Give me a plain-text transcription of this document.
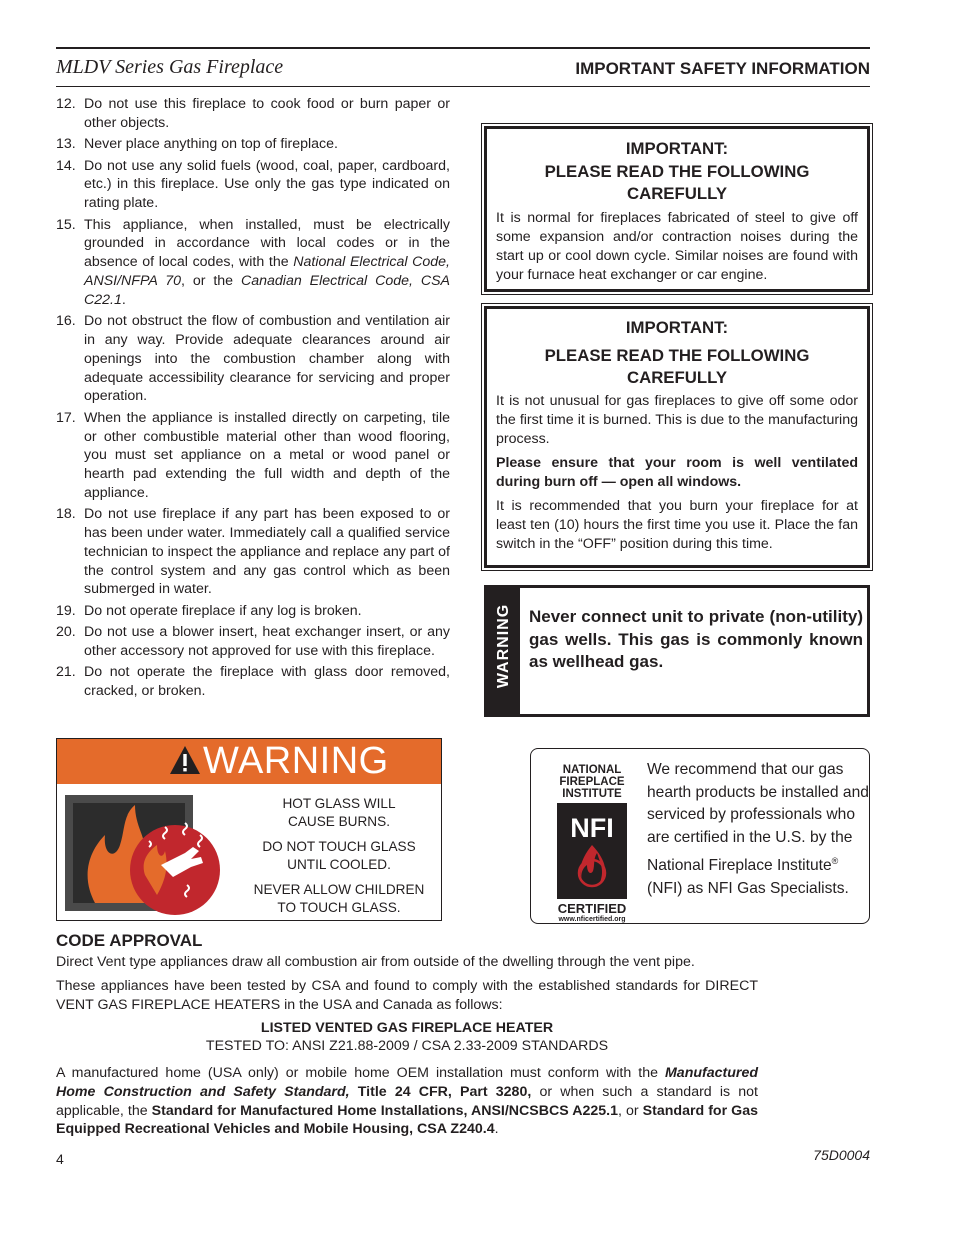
MLDV Series Gas Fireplace	IMPORTANT SAFETY INFORMATION
12. Do not use this fireplace to cook food or burn paper or other objects.
13. Never place anything on top of fireplace.
14. Do not use any solid fuels (wood, coal, paper, cardboard, etc.) in this fireplace. Use only the gas type indicated on rating plate.
15. This appliance, when installed, must be electrically grounded in accordance with local codes or in the absence of local codes, with the National Electrical Code, ANSI/NFPA 70, or the Canadian Electrical Code, CSA C22.1.
16. Do not obstruct the flow of combustion and ventilation air in any way. Provide adequate clearances around air openings into the combustion chamber along with adequate accessibility clearance for servicing and proper operation.
17. When the appliance is installed directly on carpeting, tile or other combustible material other than wood flooring, you must set appliance on a metal or wood panel or hearth pad extending the full width and depth of the appliance.
18. Do not use fireplace if any part has been exposed to or has been under water. Immediately call a qualified service technician to inspect the appliance and replace any part of the control system and any gas control which as been submerged in water.
19. Do not operate fireplace if any log is broken.
20. Do not use a blower insert, heat exchanger insert, or any other accessory not approved for use with this fireplace.
21. Do not operate the fireplace with glass door removed, cracked, or broken.
IMPORTANT:
PLEASE READ THE FOLLOWING
CAREFULLY

It is normal for fireplaces fabricated of steel to give off some expansion and/or contraction noises during the start up or cool down cycle. Similar noises are found with your furnace heat exchanger or car engine.

IMPORTANT:
PLEASE READ THE FOLLOWING
CAREFULLY

It is not unusual for gas fireplaces to give off some odor the first time it is burned. This is due to the manufacturing process.

Please ensure that your room is well ventilated during burn off — open all windows.

It is recommended that you burn your fireplace for at least ten (10) hours the first time you use it. Place the fan switch in the “OFF” position during this time.

WARNING Never connect unit to private (non-utility) gas wells. This gas is commonly known as wellhead gas.
WARNING

HOT GLASS WILL
CAUSE BURNS.

DO NOT TOUCH GLASS
UNTIL COOLED.

NEVER ALLOW CHILDREN
TO TOUCH GLASS.

NATIONAL
FIREPLACE
INSTITUTE
NFI
CERTIFIED
www.nficertified.org
We recommend that our gas hearth products be installed and serviced by professionals who are certified in the U.S. by the National Fireplace Institute® (NFI) as NFI Gas Specialists.
CODE APPROVAL

Direct Vent type appliances draw all combustion air from outside of the dwelling through the vent pipe.

These appliances have been tested by CSA and found to comply with the established standards for DIRECT VENT GAS FIREPLACE HEATERS in the USA and Canada as follows:

LISTED VENTED GAS FIREPLACE HEATER
TESTED TO: ANSI Z21.88-2009 / CSA 2.33-2009 STANDARDS

A manufactured home (USA only) or mobile home OEM installation must conform with the Manufactured Home Construction and Safety Standard, Title 24 CFR, Part 3280, or when such a standard is not applicable, the Standard for Manufactured Home Installations, ANSI/NCSBCS A225.1, or Standard for Gas Equipped Recreational Vehicles and Mobile Housing, CSA Z240.4.

4	75D0004
